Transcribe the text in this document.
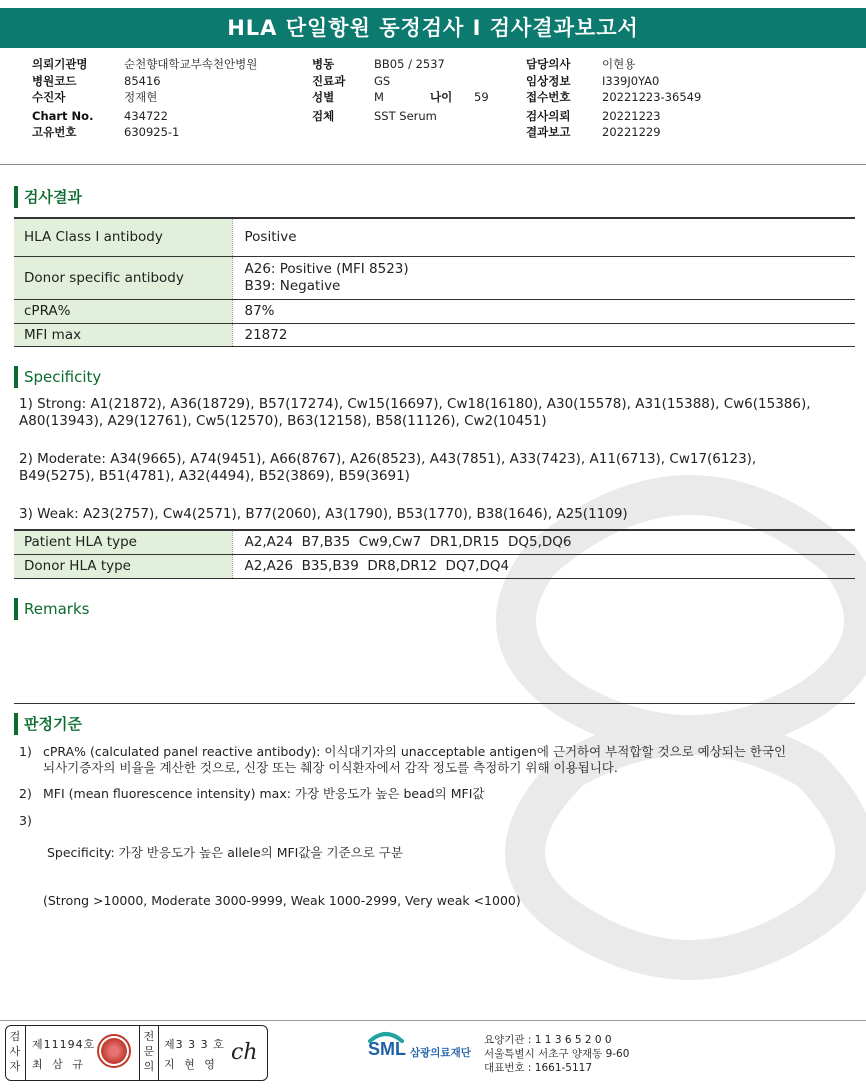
HLA 단일항원 동정검사 I 검사결과보고서
의뢰기관명	순천향대학교부속천안병원
병원코드	85416
수진자	정재현
Chart No.	434722
고유번호	630925-1
병동	BB05 / 2537
진료과 GS
성별	M	나이 59
검체	SST Serum
담당의사	이현용
임상정보	I339J0YA0
접수번호	20221223-36549
검사의뢰	20221223
결과보고	20221229
검사결과
HLA Class I antibody	Positive
Donor specific antibody	A26: Positive (MFI 8523)
B39: Negative

cPRA%	87%
MFI max	21872
Specificity
1) Strong: A1(21872), A36(18729), B57(17274), Cw15(16697), Cw18(16180), A30(15578), A31(15388), Cw6(15386),
A80(13943), A29(12761), Cw5(12570), B63(12158), B58(11126), Cw2(10451)
2) Moderate: A34(9665), A74(9451), A66(8767), A26(8523), A43(7851), A33(7423), A11(6713), Cw17(6123),
B49(5275), B51(4781), A32(4494), B52(3869), B59(3691)
3) Weak: A23(2757), Cw4(2571), B77(2060), A3(1790), B53(1770), B38(1646), A25(1109)
Patient HLA type	A2,A24  B7,B35  Cw9,Cw7  DR1,DR15  DQ5,DQ6
Donor HLA type	A2,A26  B35,B39  DR8,DR12  DQ7,DQ4
Remarks
판정기준
1) cPRA% (calculated panel reactive antibody): 이식대기자의 unacceptable antigen에 근거하여 부적합할 것으로 예상되는 한국인
뇌사기증자의 비율을 계산한 것으로, 신장 또는 췌장 이식환자에서 감작 정도를 측정하기 위해 이용됩니다.
2) MFI (mean fluorescence intensity) max: 가장 반응도가 높은 bead의 MFI값
3)

Specificity: 가장 반응도가 높은 allele의 MFI값을 기준으로 구분

(Strong >10000, Moderate 3000-9999, Weak 1000-2999, Very weak <1000)

검
사
자
제11194호
최 삼 규
전
문
의
제3 3 3 호
지 현 영 ch	SML 삼광의료재단
요양기관 : 1 1 3 6 5 2 0 0
서울특별시 서초구 양재동 9-60
대표번호 : 1661-5117
